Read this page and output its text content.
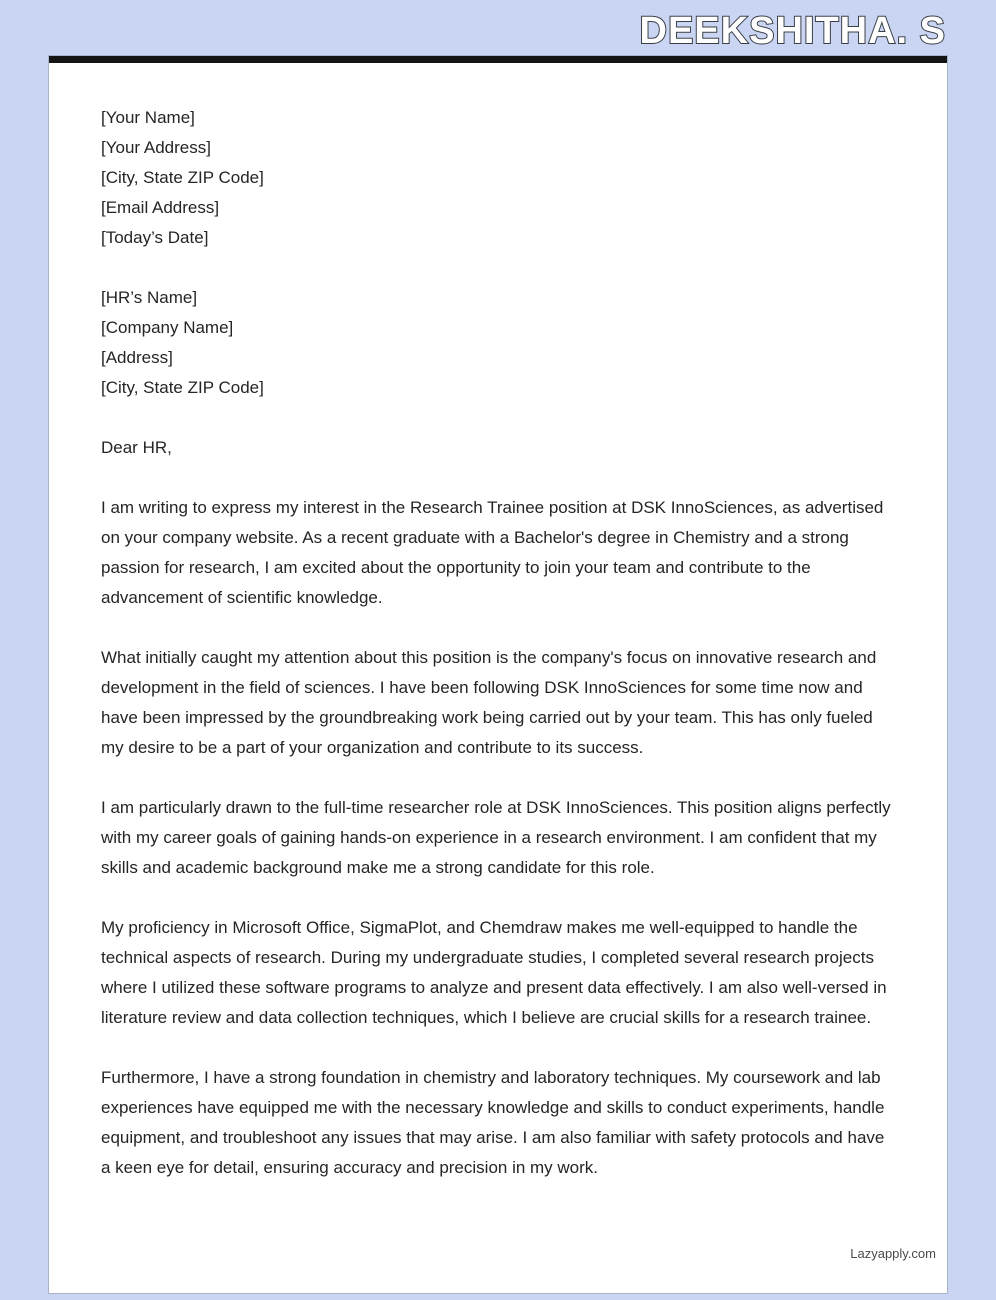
DEEKSHITHA. S

[Your Name]

[Your Address]

[City, State ZIP Code]

[Email Address]

[Today’s Date]

[HR’s Name]

[Company Name]

[Address]

[City, State ZIP Code]

Dear HR,

I am writing to express my interest in the Research Trainee position at DSK InnoSciences, as advertised on your company website. As a recent graduate with a Bachelor's degree in Chemistry and a strong passion for research, I am excited about the opportunity to join your team and contribute to the advancement of scientific knowledge.

What initially caught my attention about this position is the company's focus on innovative research and development in the field of sciences. I have been following DSK InnoSciences for some time now and have been impressed by the groundbreaking work being carried out by your team. This has only fueled my desire to be a part of your organization and contribute to its success.

I am particularly drawn to the full-time researcher role at DSK InnoSciences. This position aligns perfectly with my career goals of gaining hands-on experience in a research environment. I am confident that my skills and academic background make me a strong candidate for this role.

My proficiency in Microsoft Office, SigmaPlot, and Chemdraw makes me well-equipped to handle the technical aspects of research. During my undergraduate studies, I completed several research projects where I utilized these software programs to analyze and present data effectively. I am also well-versed in literature review and data collection techniques, which I believe are crucial skills for a research trainee.

Furthermore, I have a strong foundation in chemistry and laboratory techniques. My coursework and lab experiences have equipped me with the necessary knowledge and skills to conduct experiments, handle equipment, and troubleshoot any issues that may arise. I am also familiar with safety protocols and have a keen eye for detail, ensuring accuracy and precision in my work.

Lazyapply.com
